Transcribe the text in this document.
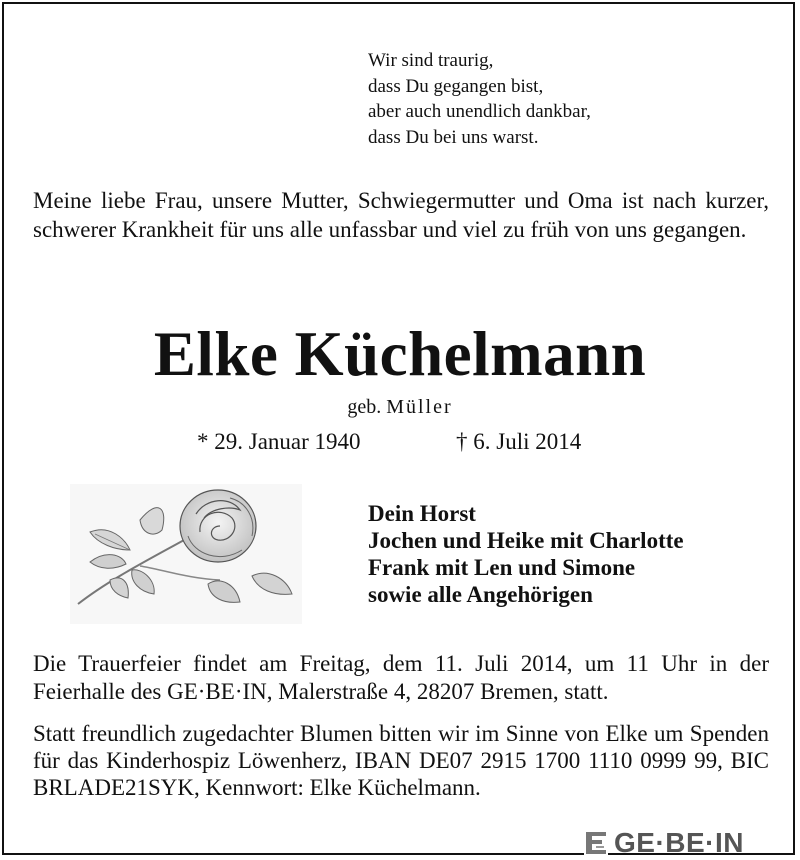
Wir sind traurig,
dass Du gegangen bist,
aber auch unendlich dankbar,
dass Du bei uns warst.
Meine liebe Frau, unsere Mutter, Schwiegermutter und Oma ist nach kurzer, schwerer Krankheit für uns alle unfassbar und viel zu früh von uns gegangen.
Elke Küchelmann
geb. Müller
* 29. Januar 1940	† 6. Juli 2014
Dein Horst
Jochen und Heike mit Charlotte
Frank mit Len und Simone
sowie alle Angehörigen
Die Trauerfeier findet am Freitag, dem 11. Juli 2014, um 11 Uhr in der Feierhalle des GE·BE·IN, Malerstraße 4, 28207 Bremen, statt.
Statt freundlich zugedachter Blumen bitten wir im Sinne von Elke um Spenden für das Kinderhospiz Löwenherz, IBAN DE07 2915 1700 1110 0999 99, BIC BRLADE21SYK, Kennwort: Elke Küchelmann.
GE·BE·IN
